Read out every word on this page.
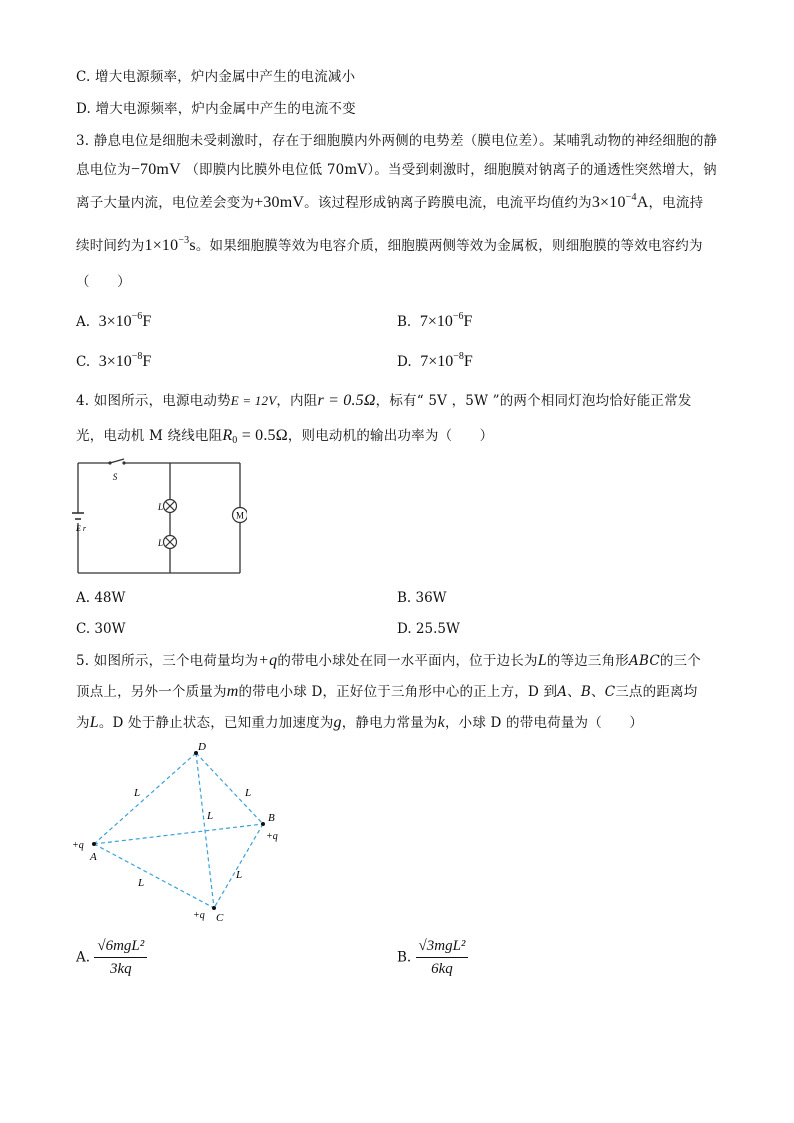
C. 增大电源频率，炉内金属中产生的电流减小
D. 增大电源频率，炉内金属中产生的电流不变
3. 静息电位是细胞未受刺激时，存在于细胞膜内外两侧的电势差（膜电位差）。某哺乳动物的神经细胞的静
息电位为−70mV （即膜内比膜外电位低 70mV）。当受到刺激时，细胞膜对钠离子的通透性突然增大，钠
离子大量内流，电位差会变为+30mV。该过程形成钠离子跨膜电流，电流平均值约为$3\times 10^{-4}A$，电流持
续时间约为$1\times 10^{-3}s$。如果细胞膜等效为电容介质，细胞膜两侧等效为金属板，则细胞膜的等效电容约为
（　　）
A. $3\times 10^{-6}F$	B. $7\times 10^{-6}F$
C. $3\times 10^{-8}F$	D. $7\times 10^{-8}F$
4. 如图所示，电源电动势E = 12V，内阻r = 0.5Ω，标有“ 5V ，5W ”的两个相同灯泡均恰好能正常发
光，电动机 M 绕线电阻$R_0 = 0.5\Omega$，则电动机的输出功率为（　　）
M
S
L
L
E r
A. 48W	B. 36W
C. 30W	D. 25.5W
5. 如图所示，三个电荷量均为+q的带电小球处在同一水平面内，位于边长为L的等边三角形ABC的三个
顶点上，另外一个质量为m的带电小球 D，正好位于三角形中心的正上方，D 到A、B、C三点的距离均
为L。D 处于静止状态，已知重力加速度为g，静电力常量为k，小球 D 的带电荷量为（　　）
D
A
+q
B
+q
C
+q
L	L
L
L
L
A. $\frac{\text{√6mgL²}}{3kq}$	B. $\frac{\text{√3mgL²}}{6kq}$
